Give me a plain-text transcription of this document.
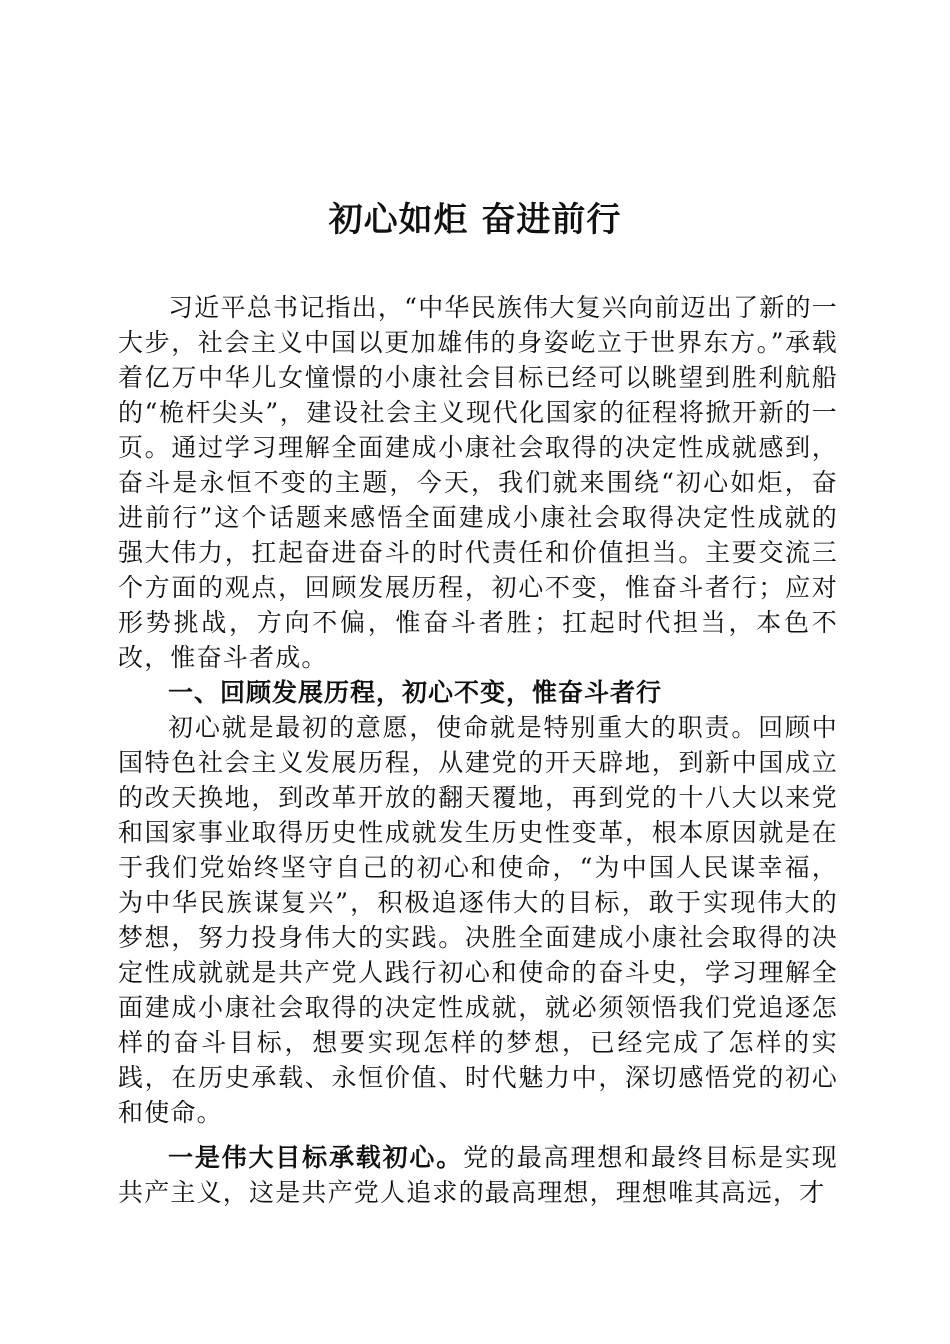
初心如炬 奋进前行

习近平总书记指出，“中华民族伟大复兴向前迈出了新的一大步，社会主义中国以更加雄伟的身姿屹立于世界东方。”承载着亿万中华儿女憧憬的小康社会目标已经可以眺望到胜利航船的“桅杆尖头”，建设社会主义现代化国家的征程将掀开新的一页。通过学习理解全面建成小康社会取得的决定性成就感到，奋斗是永恒不变的主题，今天，我们就来围绕“初心如炬，奋进前行”这个话题来感悟全面建成小康社会取得决定性成就的强大伟力，扛起奋进奋斗的时代责任和价值担当。主要交流三个方面的观点，回顾发展历程，初心不变，惟奋斗者行；应对形势挑战，方向不偏，惟奋斗者胜；扛起时代担当，本色不改，惟奋斗者成。

一、回顾发展历程，初心不变，惟奋斗者行

初心就是最初的意愿，使命就是特别重大的职责。回顾中国特色社会主义发展历程，从建党的开天辟地，到新中国成立的改天换地，到改革开放的翻天覆地，再到党的十八大以来党和国家事业取得历史性成就发生历史性变革，根本原因就是在于我们党始终坚守自己的初心和使命，“为中国人民谋幸福，为中华民族谋复兴”，积极追逐伟大的目标，敢于实现伟大的梦想，努力投身伟大的实践。决胜全面建成小康社会取得的决定性成就就是共产党人践行初心和使命的奋斗史，学习理解全面建成小康社会取得的决定性成就，就必须领悟我们党追逐怎样的奋斗目标，想要实现怎样的梦想，已经完成了怎样的实践，在历史承载、永恒价值、时代魅力中，深切感悟党的初心和使命。

一是伟大目标承载初心。党的最高理想和最终目标是实现共产主义，这是共产党人追求的最高理想，理想唯其高远，才
